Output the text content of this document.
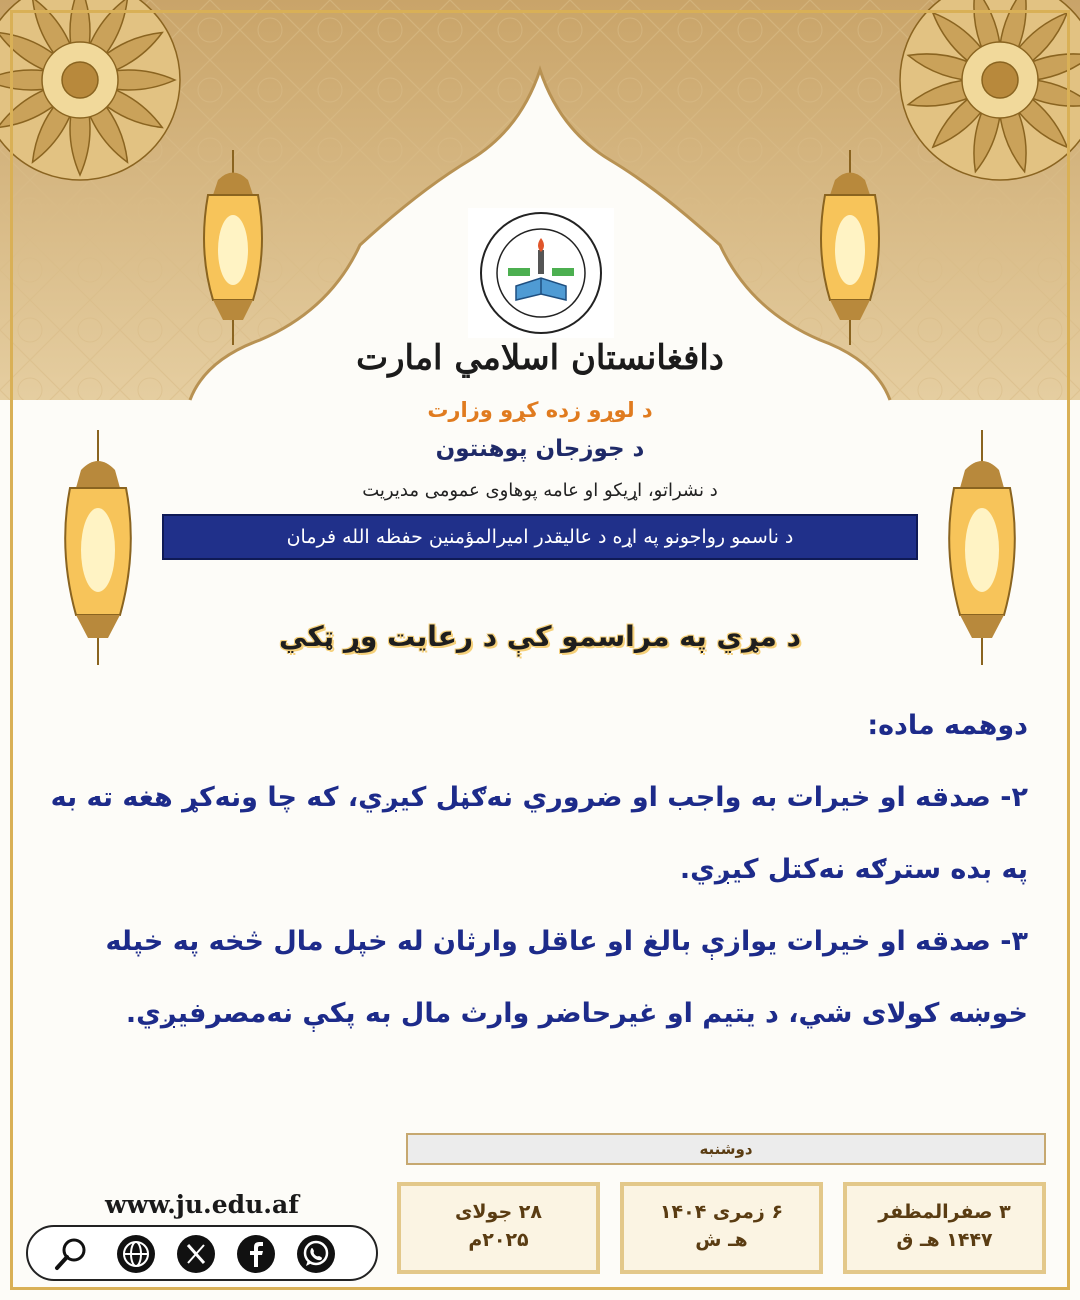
دافغانستان اسلامي امارت
د لوړو زده کړو وزارت
د جوزجان پوهنتون
د نشراتو، اړیکو او عامه پوهاوی عمومی مدیریت
د ناسمو رواجونو په اړه د عالیقدر امیرالمؤمنین حفظه الله فرمان
د مړي په مراسمو کې د رعایت وړ ټکي

دوهمه ماده:

۲- صدقه او خیرات به واجب او ضروري نه‌ګڼل کیږي، که چا ونه‌کړ هغه ته به په بده سترګه نه‌کتل کیږي.

۳- صدقه او خیرات یوازې بالغ او عاقل وارثان له خپل مال څخه په خپله خوښه کولای شي، د یتیم او غیرحاضر وارث مال به پکې نه‌مصرفیږي.

دوشنبه
۳ صفرالمظفر
۱۴۴۷ هـ ق
۶ زمری ۱۴۰۴
هـ ش
۲۸ جولای
۲۰۲۵م
www.ju.edu.af
